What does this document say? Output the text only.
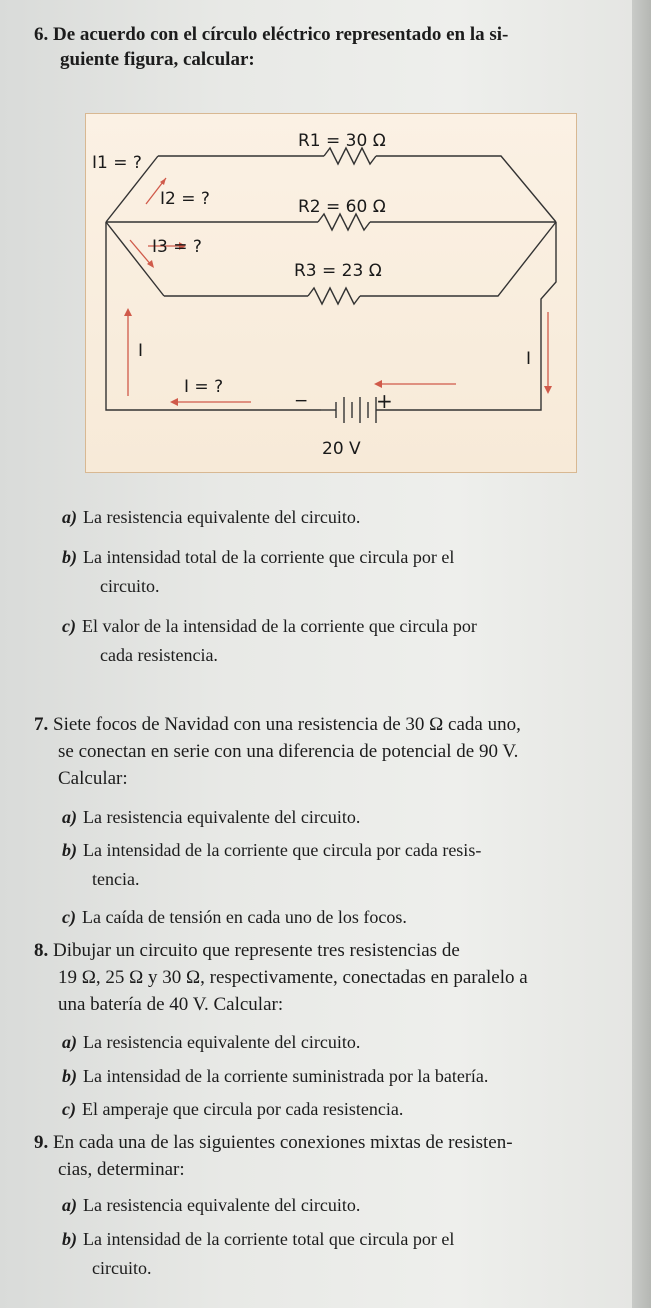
6. De acuerdo con el círculo eléctrico representado en la si-

guiente figura, calcular:
R1 = 30 Ω
R2 = 60 Ω
R3 = 23 Ω
I1 = ?
I2 = ?
I3 = ?
I = ?
I	I
−	+
20 V
a) La resistencia equivalente del circuito.
b) La intensidad total de la corriente que circula por el
circuito.
c) El valor de la intensidad de la corriente que circula por
cada resistencia.
7. Siete focos de Navidad con una resistencia de 30 Ω cada uno,

se conectan en serie con una diferencia de potencial de 90 V.
Calcular:
a) La resistencia equivalente del circuito.
b) La intensidad de la corriente que circula por cada resis-
tencia.
c) La caída de tensión en cada uno de los focos.
8. Dibujar un circuito que represente tres resistencias de

19 Ω, 25 Ω y 30 Ω, respectivamente, conectadas en paralelo a
una batería de 40 V. Calcular:
a) La resistencia equivalente del circuito.
b) La intensidad de la corriente suministrada por la batería.
c) El amperaje que circula por cada resistencia.
9. En cada una de las siguientes conexiones mixtas de resisten-

cias, determinar:
a) La resistencia equivalente del circuito.
b) La intensidad de la corriente total que circula por el
circuito.
